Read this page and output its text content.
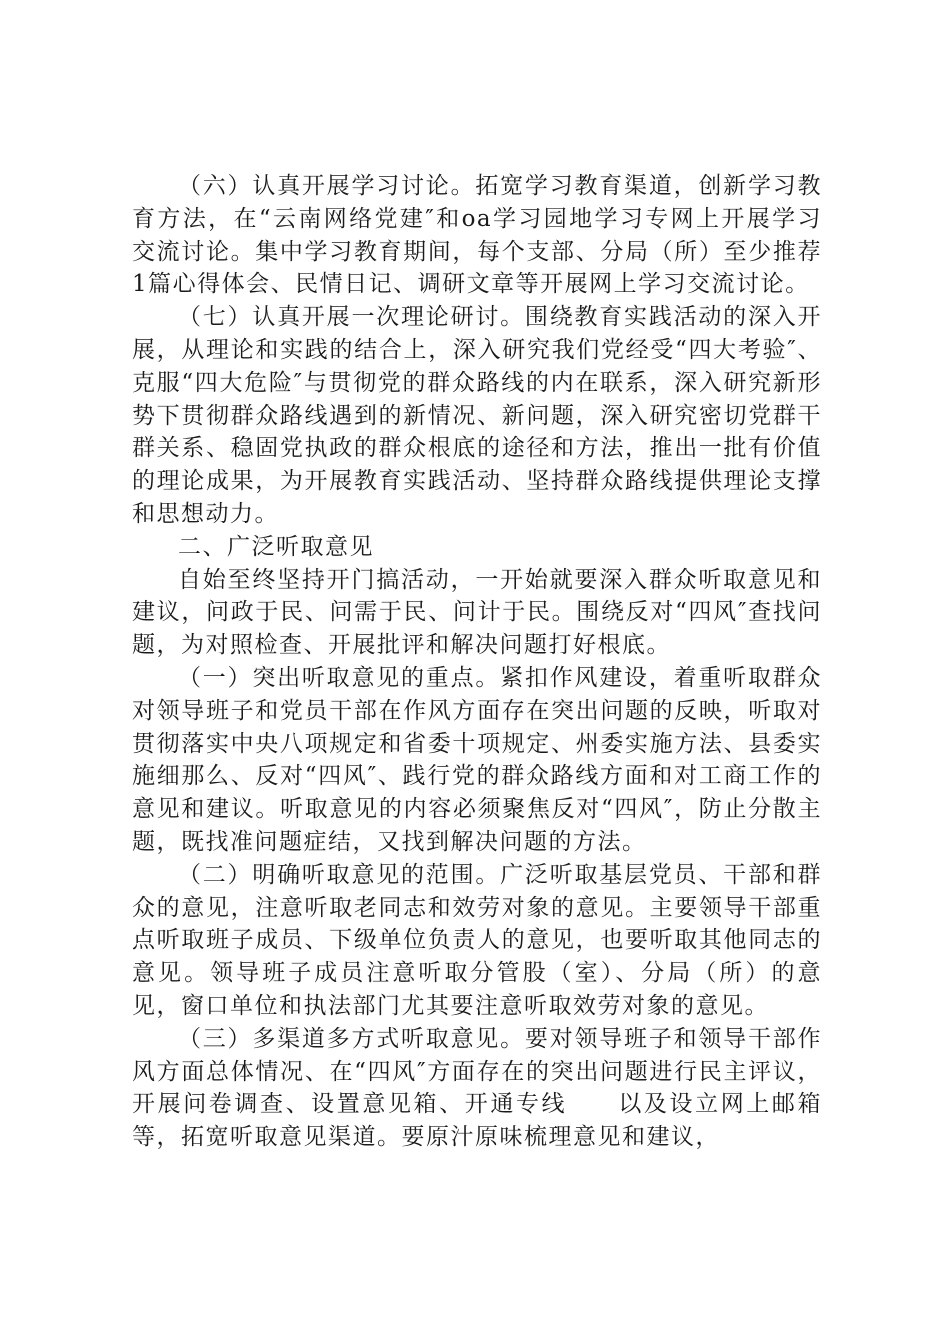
（六）认真开展学习讨论。拓宽学习教育渠道，创新学习教育方法，在“云南网络党建″和oa学习园地学习专网上开展学习交流讨论。集中学习教育期间，每个支部、分局（所）至少推荐1篇心得体会、民情日记、调研文章等开展网上学习交流讨论。

（七）认真开展一次理论研讨。围绕教育实践活动的深入开展，从理论和实践的结合上，深入研究我们党经受“四大考验″、克服“四大危险″与贯彻党的群众路线的内在联系，深入研究新形势下贯彻群众路线遇到的新情况、新问题，深入研究密切党群干群关系、稳固党执政的群众根底的途径和方法，推出一批有价值的理论成果，为开展教育实践活动、坚持群众路线提供理论支撑和思想动力。

二、广泛听取意见

自始至终坚持开门搞活动，一开始就要深入群众听取意见和建议，问政于民、问需于民、问计于民。围绕反对“四风″查找问题，为对照检查、开展批评和解决问题打好根底。

（一）突出听取意见的重点。紧扣作风建设，着重听取群众对领导班子和党员干部在作风方面存在突出问题的反映，听取对贯彻落实中央八项规定和省委十项规定、州委实施方法、县委实施细那么、反对“四风″、践行党的群众路线方面和对工商工作的意见和建议。听取意见的内容必须聚焦反对“四风″，防止分散主题，既找准问题症结，又找到解决问题的方法。

（二）明确听取意见的范围。广泛听取基层党员、干部和群众的意见，注意听取老同志和效劳对象的意见。主要领导干部重点听取班子成员、下级单位负责人的意见，也要听取其他同志的意见。领导班子成员注意听取分管股（室）、分局（所）的意见，窗口单位和执法部门尤其要注意听取效劳对象的意见。

（三）多渠道多方式听取意见。要对领导班子和领导干部作风方面总体情况、在“四风″方面存在的突出问题进行民主评议，开展问卷调查、设置意见箱、开通专线　　以及设立网上邮箱等，拓宽听取意见渠道。要原汁原味梳理意见和建议，
